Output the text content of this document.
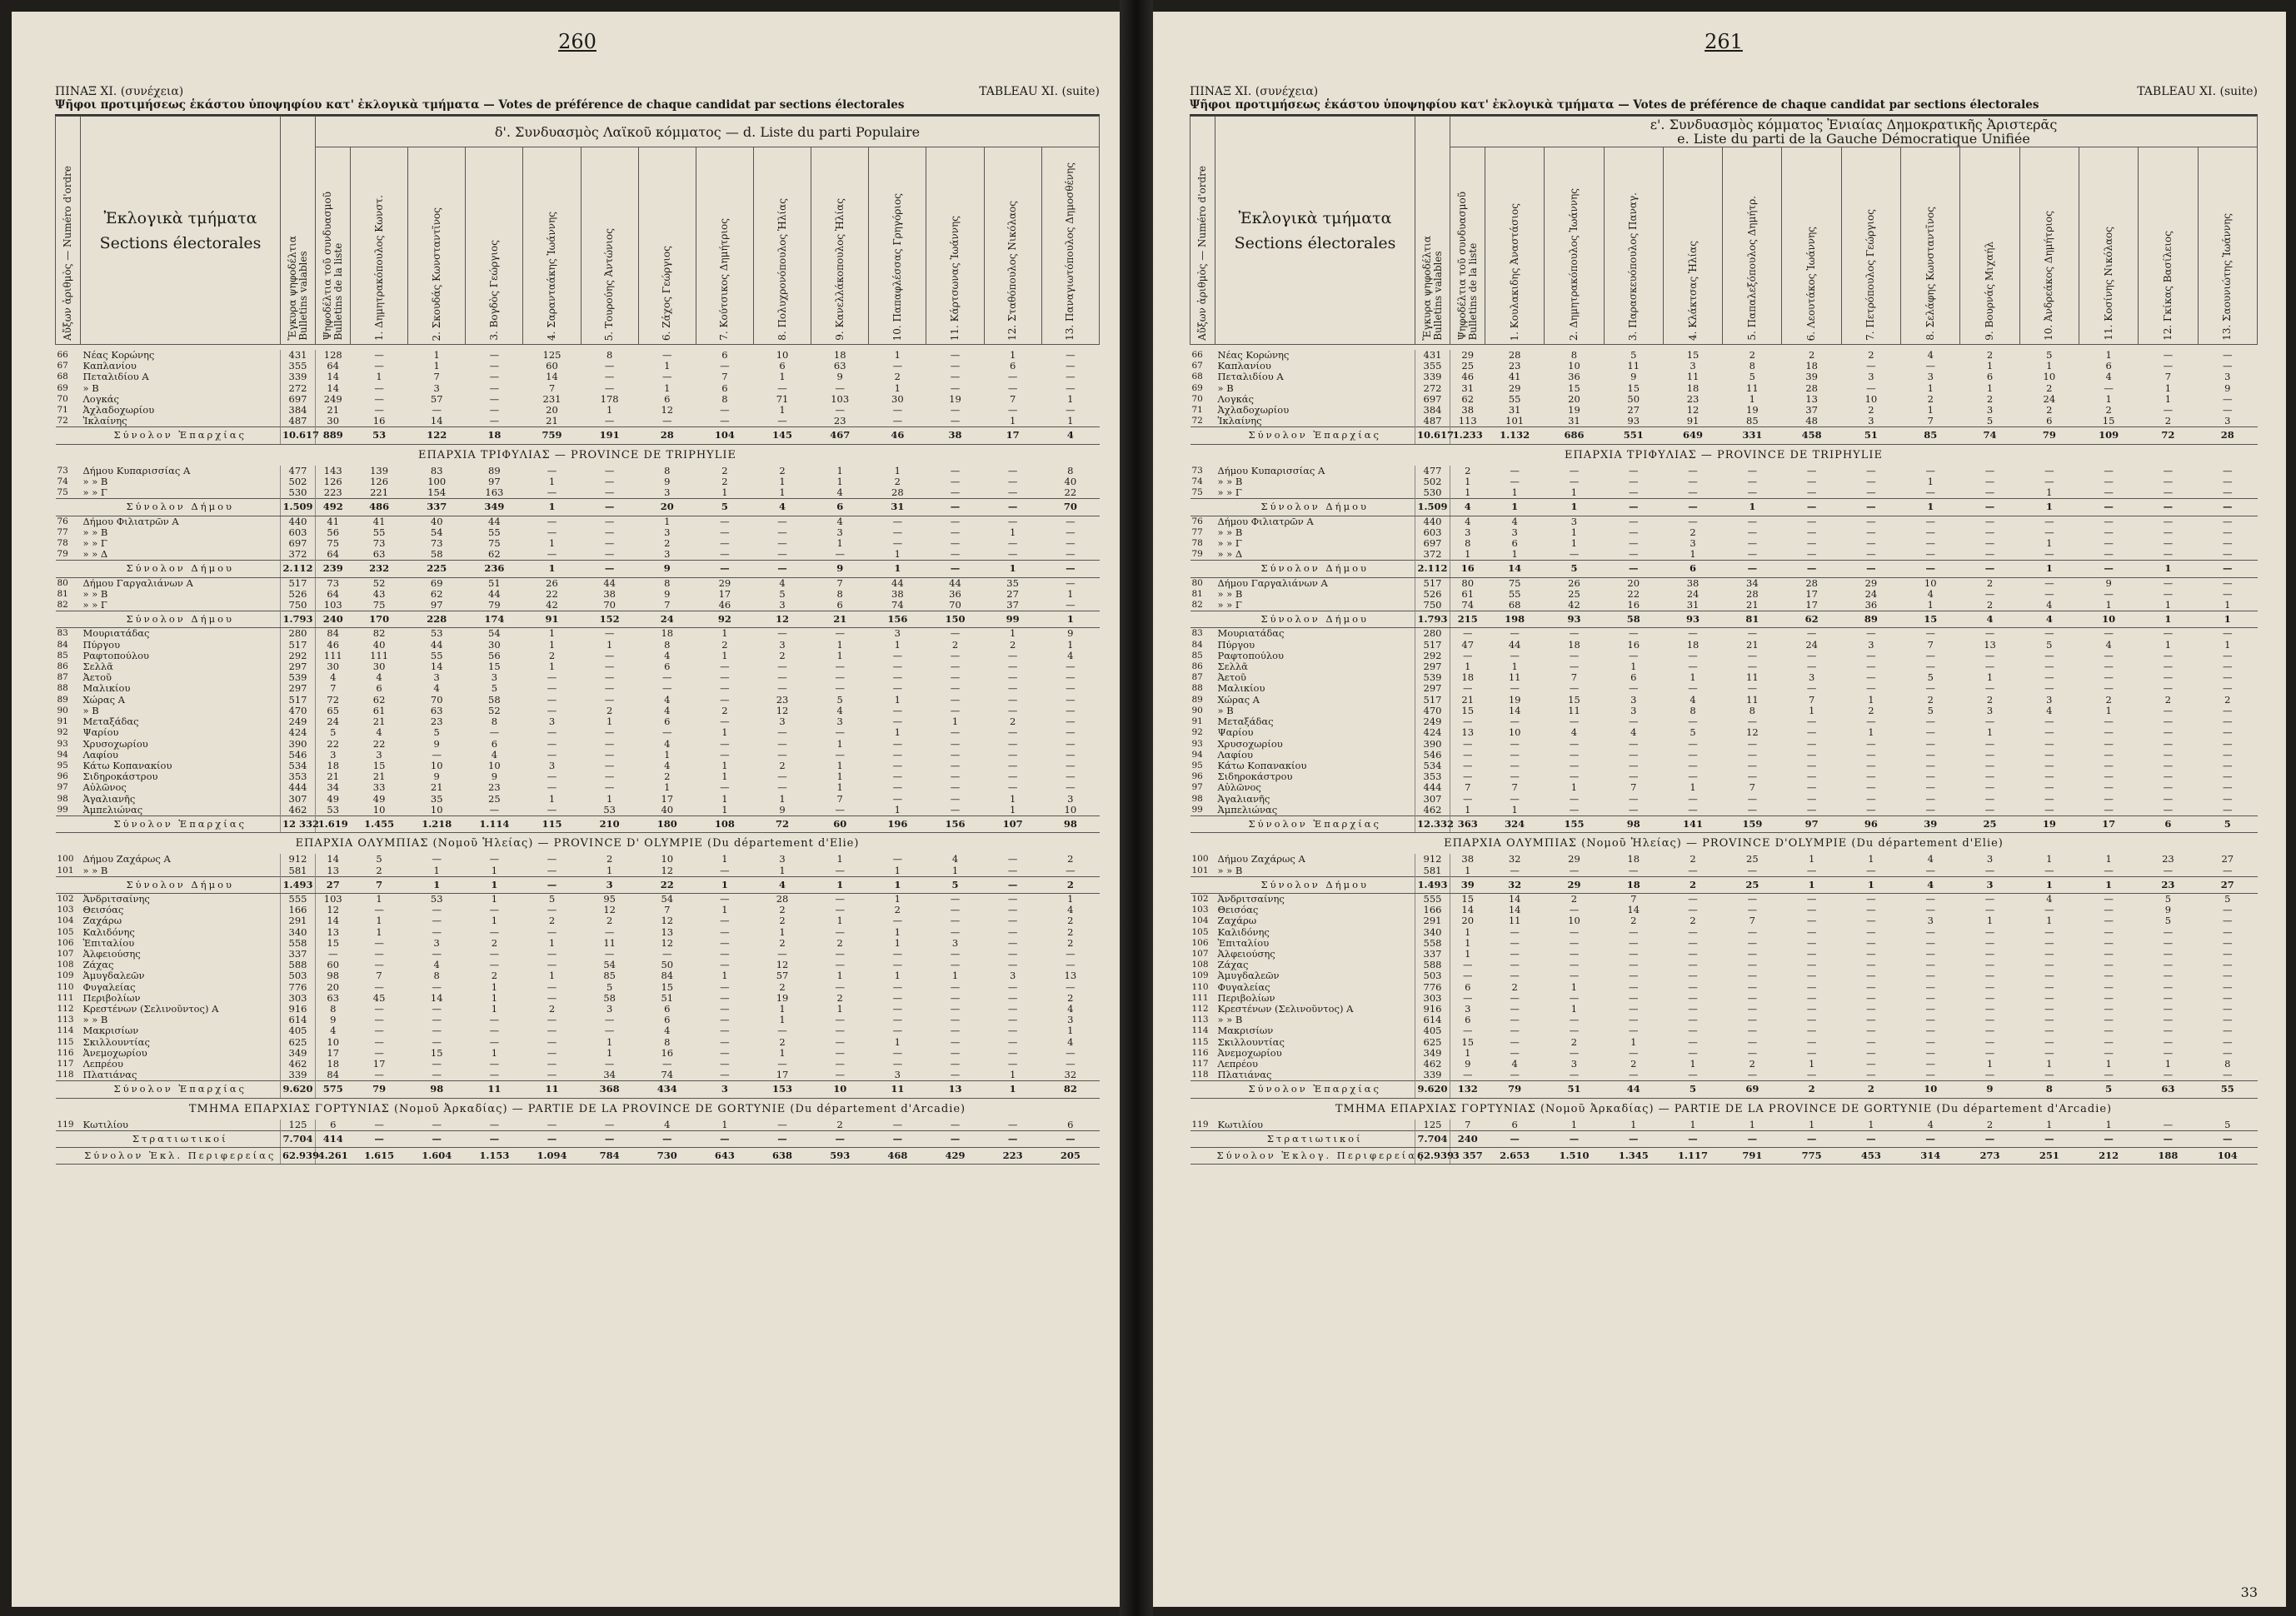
260
ΠΙΝΑΞ ΧΙ. (συνέχεια)	TABLEAU XI. (suite)
Ψῆφοι προτιμήσεως ἑκάστου ὑποψηφίου κατ' ἐκλογικὰ τμήματα — Votes de préférence de chaque candidat par sections électorales
Αὔξων ἀριθμὸς — Numéro d'ordre	Ἐκλογικὰ τμήματα
Sections électorales	Ἔγκυρα ψηφοδέλτια
Bulletins valables	δ'. Συνδυασμὸς Λαϊκοῦ κόμματος — d. Liste du parti Populaire													

			Ψηφοδέλτια τοῦ συνδυασμοῦ
Bulletins de la liste	1. Δημητρακόπουλος Κωνστ.	2. Σκουδάς Κωνσταντῖνος	3. Βογδὸς Γεώργιος	4. Σαρανταάκης Ἰωάννης	5. Τουρούης Ἀντώνιος	6. Ζάχος Γεώργιος	7. Κούτσικος Δημήτριος	8. Πολυχρονόπουλος Ἠλίας	9. Κανελλάκοπουλος Ἠλίας	10. Παπαφλέσσας Γρηγόριος	11. Κάρτσωνας Ἰωάννης	12. Σταθόπουλος Νικόλαος	13. Παναγιωτόπουλος Δημοσθένης

66	Νέας Κορώνης	431	128	—	1	—	125	8	—	6	10	18	1	—	1	—
67	Καπλανίου	355	64	—	1	—	60	—	1	—	6	63	—	—	6	—
68	Πεταλιδίου Α	339	14	1	7	—	14	—	—	7	1	9	2	—	—	—
69	» Β	272	14	—	3	—	7	—	1	6	—	—	1	—	—	—
70	Λογκάς	697	249	—	57	—	231	178	6	8	71	103	30	19	7	1
71	Ἀχλαδοχωρίου	384	21	—	—	—	20	1	12	—	1	—	—	—	—	—
72	Ἰκλαίνης	487	30	16	14	—	21	—	—	—	—	23	—	—	1	1
	Σύνολον Ἐπαρχίας	10.617	889	53	122	18	759	191	28	104	145	467	46	38	17	4
ΕΠΑΡΧΙΑ ΤΡΙΦΥΛΙΑΣ — PROVINCE DE TRIPHYLIE																
73	Δήμου Κυπαρισσίας Α	477	143	139	83	89	—	—	8	2	2	1	1	—	—	8
74	» » Β	502	126	126	100	97	1	—	9	2	1	1	2	—	—	40
75	» » Γ	530	223	221	154	163	—	—	3	1	1	4	28	—	—	22
	Σύνολον Δήμου	1.509	492	486	337	349	1	—	20	5	4	6	31	—	—	70
76	Δήμου Φιλιατρῶν Α	440	41	41	40	44	—	—	1	—	—	4	—	—	—	—
77	» » Β	603	56	55	54	55	—	—	3	—	—	3	—	—	1	—
78	» » Γ	697	75	73	73	75	1	—	2	—	—	1	—	—	—	—
79	» » Δ	372	64	63	58	62	—	—	3	—	—	—	1	—	—	—
	Σύνολον Δήμου	2.112	239	232	225	236	1	—	9	—	—	9	1	—	1	—
80	Δήμου Γαργαλιάνων Α	517	73	52	69	51	26	44	8	29	4	7	44	44	35	—
81	» » Β	526	64	43	62	44	22	38	9	17	5	8	38	36	27	1
82	» » Γ	750	103	75	97	79	42	70	7	46	3	6	74	70	37	—
	Σύνολον Δήμου	1.793	240	170	228	174	91	152	24	92	12	21	156	150	99	1
83	Μουριατάδας	280	84	82	53	54	1	—	18	1	—	—	3	—	1	9
84	Πύργου	517	46	40	44	30	1	1	8	2	3	1	1	2	2	1
85	Ραφτοπούλου	292	111	111	55	56	2	—	4	1	2	1	—	—	—	4
86	Σελλᾶ	297	30	30	14	15	1	—	6	—	—	—	—	—	—	—
87	Ἀετοῦ	539	4	4	3	3	—	—	—	—	—	—	—	—	—	—
88	Μαλικίου	297	7	6	4	5	—	—	—	—	—	—	—	—	—	—
89	Χώρας Α	517	72	62	70	58	—	—	4	—	23	5	1	—	—	—
90	» Β	470	65	61	63	52	—	2	4	2	12	4	—	—	—	—
91	Μεταξάδας	249	24	21	23	8	3	1	6	—	3	3	—	1	2	—
92	Ψαρίου	424	5	4	5	—	—	—	—	1	—	—	1	—	—	—
93	Χρυσοχωρίου	390	22	22	9	6	—	—	4	—	—	1	—	—	—	—
94	Λαφίου	546	3	3	—	4	—	—	1	—	—	—	—	—	—	—
95	Κάτω Κοπανακίου	534	18	15	10	10	3	—	4	1	2	1	—	—	—	—
96	Σιδηροκάστρου	353	21	21	9	9	—	—	2	1	—	1	—	—	—	—
97	Αὐλῶνος	444	34	33	21	23	—	—	1	—	—	1	—	—	—	—
98	Ἀγαλιανῆς	307	49	49	35	25	1	1	17	1	1	7	—	—	1	3
99	Ἀμπελιώνας	462	53	10	10	—	—	53	40	1	9	—	1	—	1	10
	Σύνολον Ἐπαρχίας	12 332	1.619	1.455	1.218	1.114	115	210	180	108	72	60	196	156	107	98
ΕΠΑΡΧΙΑ ΟΛΥΜΠΙΑΣ (Νομοῦ Ἠλείας) — PROVINCE D' OLYMPIE (Du département d'Elie)																
100	Δήμου Ζαχάρως Α	912	14	5	—	—	—	2	10	1	3	1	—	4	—	2
101	» » Β	581	13	2	1	1	—	1	12	—	1	—	1	1	—	—
	Σύνολον Δήμου	1.493	27	7	1	1	—	3	22	1	4	1	1	5	—	2
102	Ἀνδριτσαίνης	555	103	1	53	1	5	95	54	—	28	—	1	—	—	1
103	Θεισόας	166	12	—	—	—	—	12	7	1	2	—	2	—	—	4
104	Ζαχάρω	291	14	1	—	1	2	2	12	—	2	1	—	—	—	2
105	Καλιδόνης	340	13	1	—	—	—	—	13	—	1	—	1	—	—	2
106	Ἐπιταλίου	558	15	—	3	2	1	11	12	—	2	2	1	3	—	2
107	Ἀλφειούσης	337	—	—	—	—	—	—	—	—	—	—	—	—	—	—
108	Ζάχας	588	60	—	4	—	—	54	50	—	12	—	—	—	—	—
109	Ἀμυγδαλεῶν	503	98	7	8	2	1	85	84	1	57	1	1	1	3	13
110	Φυγαλείας	776	20	—	—	1	—	5	15	—	2	—	—	—	—	—
111	Περιβολίων	303	63	45	14	1	—	58	51	—	19	2	—	—	—	2
112	Κρεστένων (Σελινοῦντος) Α	916	8	—	—	1	2	3	6	—	1	1	—	—	—	4
113	» » Β	614	9	—	—	—	—	—	6	—	1	—	—	—	—	3
114	Μακρισίων	405	4	—	—	—	—	—	4	—	—	—	—	—	—	1
115	Σκιλλουντίας	625	10	—	—	—	—	1	8	—	2	—	1	—	—	4
116	Ἀνεμοχωρίου	349	17	—	15	1	—	1	16	—	1	—	—	—	—	—
117	Λεπρέου	462	18	17	—	—	—	—	—	—	—	—	—	—	—	—
118	Πλατιάνας	339	84	—	—	—	—	34	74	—	17	—	3	—	1	32
	Σύνολον Ἐπαρχίας	9.620	575	79	98	11	11	368	434	3	153	10	11	13	1	82
ΤΜΗΜΑ ΕΠΑΡΧΙΑΣ ΓΟΡΤΥΝΙΑΣ (Νομοῦ Ἀρκαδίας) — PARTIE DE LA PROVINCE DE GORTYNIE (Du département d'Arcadie)																
119	Κωτιλίου	125	6	—	—	—	—	—	4	1	—	2	—	—	—	6
	Στρατιωτικοί	7.704	414	—	—	—	—	—	—	—	—	—	—	—	—	—
	Σύνολον Ἐκλ. Περιφερείας	62.939	4.261	1.615	1.604	1.153	1.094	784	730	643	638	593	468	429	223	205
261
ΠΙΝΑΞ ΧΙ. (συνέχεια)	TABLEAU XI. (suite)
Ψῆφοι προτιμήσεως ἑκάστου ὑποψηφίου κατ' ἐκλογικὰ τμήματα — Votes de préférence de chaque candidat par sections électorales
Αὔξων ἀριθμὸς — Numéro d'ordre	Ἐκλογικὰ τμήματα
Sections électorales	Ἔγκυρα ψηφοδέλτια
Bulletins valables	ε'. Συνδυασμὸς κόμματος Ἑνιαίας Δημοκρατικῆς Ἀριστερᾶς
e. Liste du parti de la Gauche Démocratique Unifiée													

			Ψηφοδέλτια τοῦ συνδυασμοῦ
Bulletins de la liste	1. Κουλακιδης Ἀναστάσιος	2. Δημητρακόπουλος Ἰωάννης	3. Παρασκευόπουλος Παναγ.	4. Κλάκτσας Ἠλίας	5. Παπαλεξόπουλος Δημήτρ.	6. Λεουτάκος Ἰωάννης	7. Πετρόπουλος Γεώργιος	8. Σελάφης Κωνσταντῖνος	9. Βουρνάς Μιχαήλ	10. Ἀνδρεάκος Δημήτριος	11. Κοσίνης Νικόλαος	12. Γκίκας Βασίλειος	13. Σαουνιώτης Ἰωάννης

66	Νέας Κορώνης	431	29	28	8	5	15	2	2	2	4	2	5	1	—	—
67	Καπλανίου	355	25	23	10	11	3	8	18	—	—	1	1	6	—	—
68	Πεταλιδίου Α	339	46	41	36	9	11	5	39	3	3	6	10	4	7	3
69	» Β	272	31	29	15	15	18	11	28	—	1	1	2	—	1	9
70	Λογκάς	697	62	55	20	50	23	1	13	10	2	2	24	1	1	—
71	Ἀχλαδοχωρίου	384	38	31	19	27	12	19	37	2	1	3	2	2	—	—
72	Ἰκλαίνης	487	113	101	31	93	91	85	48	3	7	5	6	15	2	3
	Σύνολον Ἐπαρχίας	10.617	1.233	1.132	686	551	649	331	458	51	85	74	79	109	72	28
ΕΠΑΡΧΙΑ ΤΡΙΦΥΛΙΑΣ — PROVINCE DE TRIPHYLIE																
73	Δήμου Κυπαρισσίας Α	477	2	—	—	—	—	—	—	—	—	—	—	—	—	—
74	» » Β	502	1	—	—	—	—	—	—	—	1	—	—	—	—	—
75	» » Γ	530	1	1	1	—	—	—	—	—	—	—	1	—	—	—
	Σύνολον Δήμου	1.509	4	1	1	—	—	1	—	—	1	—	1	—	—	—
76	Δήμου Φιλιατρῶν Α	440	4	4	3	—	—	—	—	—	—	—	—	—	—	—
77	» » Β	603	3	3	1	—	2	—	—	—	—	—	—	—	—	—
78	» » Γ	697	8	6	1	—	3	—	—	—	—	—	1	—	—	—
79	» » Δ	372	1	1	—	—	1	—	—	—	—	—	—	—	—	—
	Σύνολον Δήμου	2.112	16	14	5	—	6	—	—	—	—	—	1	—	1	—
80	Δήμου Γαργαλιάνων Α	517	80	75	26	20	38	34	28	29	10	2	—	9	—	—
81	» » Β	526	61	55	25	22	24	28	17	24	4	—	—	—	—	—
82	» » Γ	750	74	68	42	16	31	21	17	36	1	2	4	1	1	1
	Σύνολον Δήμου	1.793	215	198	93	58	93	81	62	89	15	4	4	10	1	1
83	Μουριατάδας	280	—	—	—	—	—	—	—	—	—	—	—	—	—	—
84	Πύργου	517	47	44	18	16	18	21	24	3	7	13	5	4	1	1
85	Ραφτοπούλου	292	—	—	—	—	—	—	—	—	—	—	—	—	—	—
86	Σελλᾶ	297	1	1	—	1	—	—	—	—	—	—	—	—	—	—
87	Ἀετοῦ	539	18	11	7	6	1	11	3	—	5	1	—	—	—	—
88	Μαλικίου	297	—	—	—	—	—	—	—	—	—	—	—	—	—	—
89	Χώρας Α	517	21	19	15	3	4	11	7	1	2	2	3	2	2	2
90	» Β	470	15	14	11	3	8	8	1	2	5	3	4	1	—	—
91	Μεταξάδας	249	—	—	—	—	—	—	—	—	—	—	—	—	—	—
92	Ψαρίου	424	13	10	4	4	5	12	—	1	—	1	—	—	—	—
93	Χρυσοχωρίου	390	—	—	—	—	—	—	—	—	—	—	—	—	—	—
94	Λαφίου	546	—	—	—	—	—	—	—	—	—	—	—	—	—	—
95	Κάτω Κοπανακίου	534	—	—	—	—	—	—	—	—	—	—	—	—	—	—
96	Σιδηροκάστρου	353	—	—	—	—	—	—	—	—	—	—	—	—	—	—
97	Αὐλῶνος	444	7	7	1	7	1	7	—	—	—	—	—	—	—	—
98	Ἀγαλιανῆς	307	—	—	—	—	—	—	—	—	—	—	—	—	—	—
99	Ἀμπελιώνας	462	1	1	—	—	—	—	—	—	—	—	—	—	—	—
	Σύνολον Ἐπαρχίας	12.332	363	324	155	98	141	159	97	96	39	25	19	17	6	5
ΕΠΑΡΧΙΑ ΟΛΥΜΠΙΑΣ (Νομοῦ Ἠλείας) — PROVINCE D'OLYMPIE (Du département d'Elie)																
100	Δήμου Ζαχάρως Α	912	38	32	29	18	2	25	1	1	4	3	1	1	23	27
101	» » Β	581	1	—	—	—	—	—	—	—	—	—	—	—	—	—
	Σύνολον Δήμου	1.493	39	32	29	18	2	25	1	1	4	3	1	1	23	27
102	Ἀνδριτσαίνης	555	15	14	2	7	—	—	—	—	—	—	4	—	5	5
103	Θεισόας	166	14	14	—	14	—	—	—	—	—	—	—	—	9	—
104	Ζαχάρω	291	20	11	10	2	2	7	—	—	3	1	1	—	5	—
105	Καλιδόνης	340	1	—	—	—	—	—	—	—	—	—	—	—	—	—
106	Ἐπιταλίου	558	1	—	—	—	—	—	—	—	—	—	—	—	—	—
107	Ἀλφειούσης	337	1	—	—	—	—	—	—	—	—	—	—	—	—	—
108	Ζάχας	588	—	—	—	—	—	—	—	—	—	—	—	—	—	—
109	Ἀμυγδαλεῶν	503	—	—	—	—	—	—	—	—	—	—	—	—	—	—
110	Φυγαλείας	776	6	2	1	—	—	—	—	—	—	—	—	—	—	—
111	Περιβολίων	303	—	—	—	—	—	—	—	—	—	—	—	—	—	—
112	Κρεστένων (Σελινοῦντος) Α	916	3	—	1	—	—	—	—	—	—	—	—	—	—	—
113	» » Β	614	6	—	—	—	—	—	—	—	—	—	—	—	—	—
114	Μακρισίων	405	—	—	—	—	—	—	—	—	—	—	—	—	—	—
115	Σκιλλουντίας	625	15	—	2	1	—	—	—	—	—	—	—	—	—	—
116	Ἀνεμοχωρίου	349	1	—	—	—	—	—	—	—	—	—	—	—	—	—
117	Λεπρέου	462	9	4	3	2	1	2	1	—	—	1	1	1	1	8
118	Πλατιάνας	339	—	—	—	—	—	—	—	—	—	—	—	—	—	—
	Σύνολον Ἐπαρχίας	9.620	132	79	51	44	5	69	2	2	10	9	8	5	63	55
ΤΜΗΜΑ ΕΠΑΡΧΙΑΣ ΓΟΡΤΥΝΙΑΣ (Νομοῦ Ἀρκαδίας) — PARTIE DE LA PROVINCE DE GORTYNIE (Du département d'Arcadie)																
119	Κωτιλίου	125	7	6	1	1	1	1	1	1	4	2	1	1	—	5
	Στρατιωτικοί	7.704	240	—	—	—	—	—	—	—	—	—	—	—	—	—
	Σύνολον Ἐκλογ. Περιφερείας	62.939	3 357	2.653	1.510	1.345	1.117	791	775	453	314	273	251	212	188	104
33
